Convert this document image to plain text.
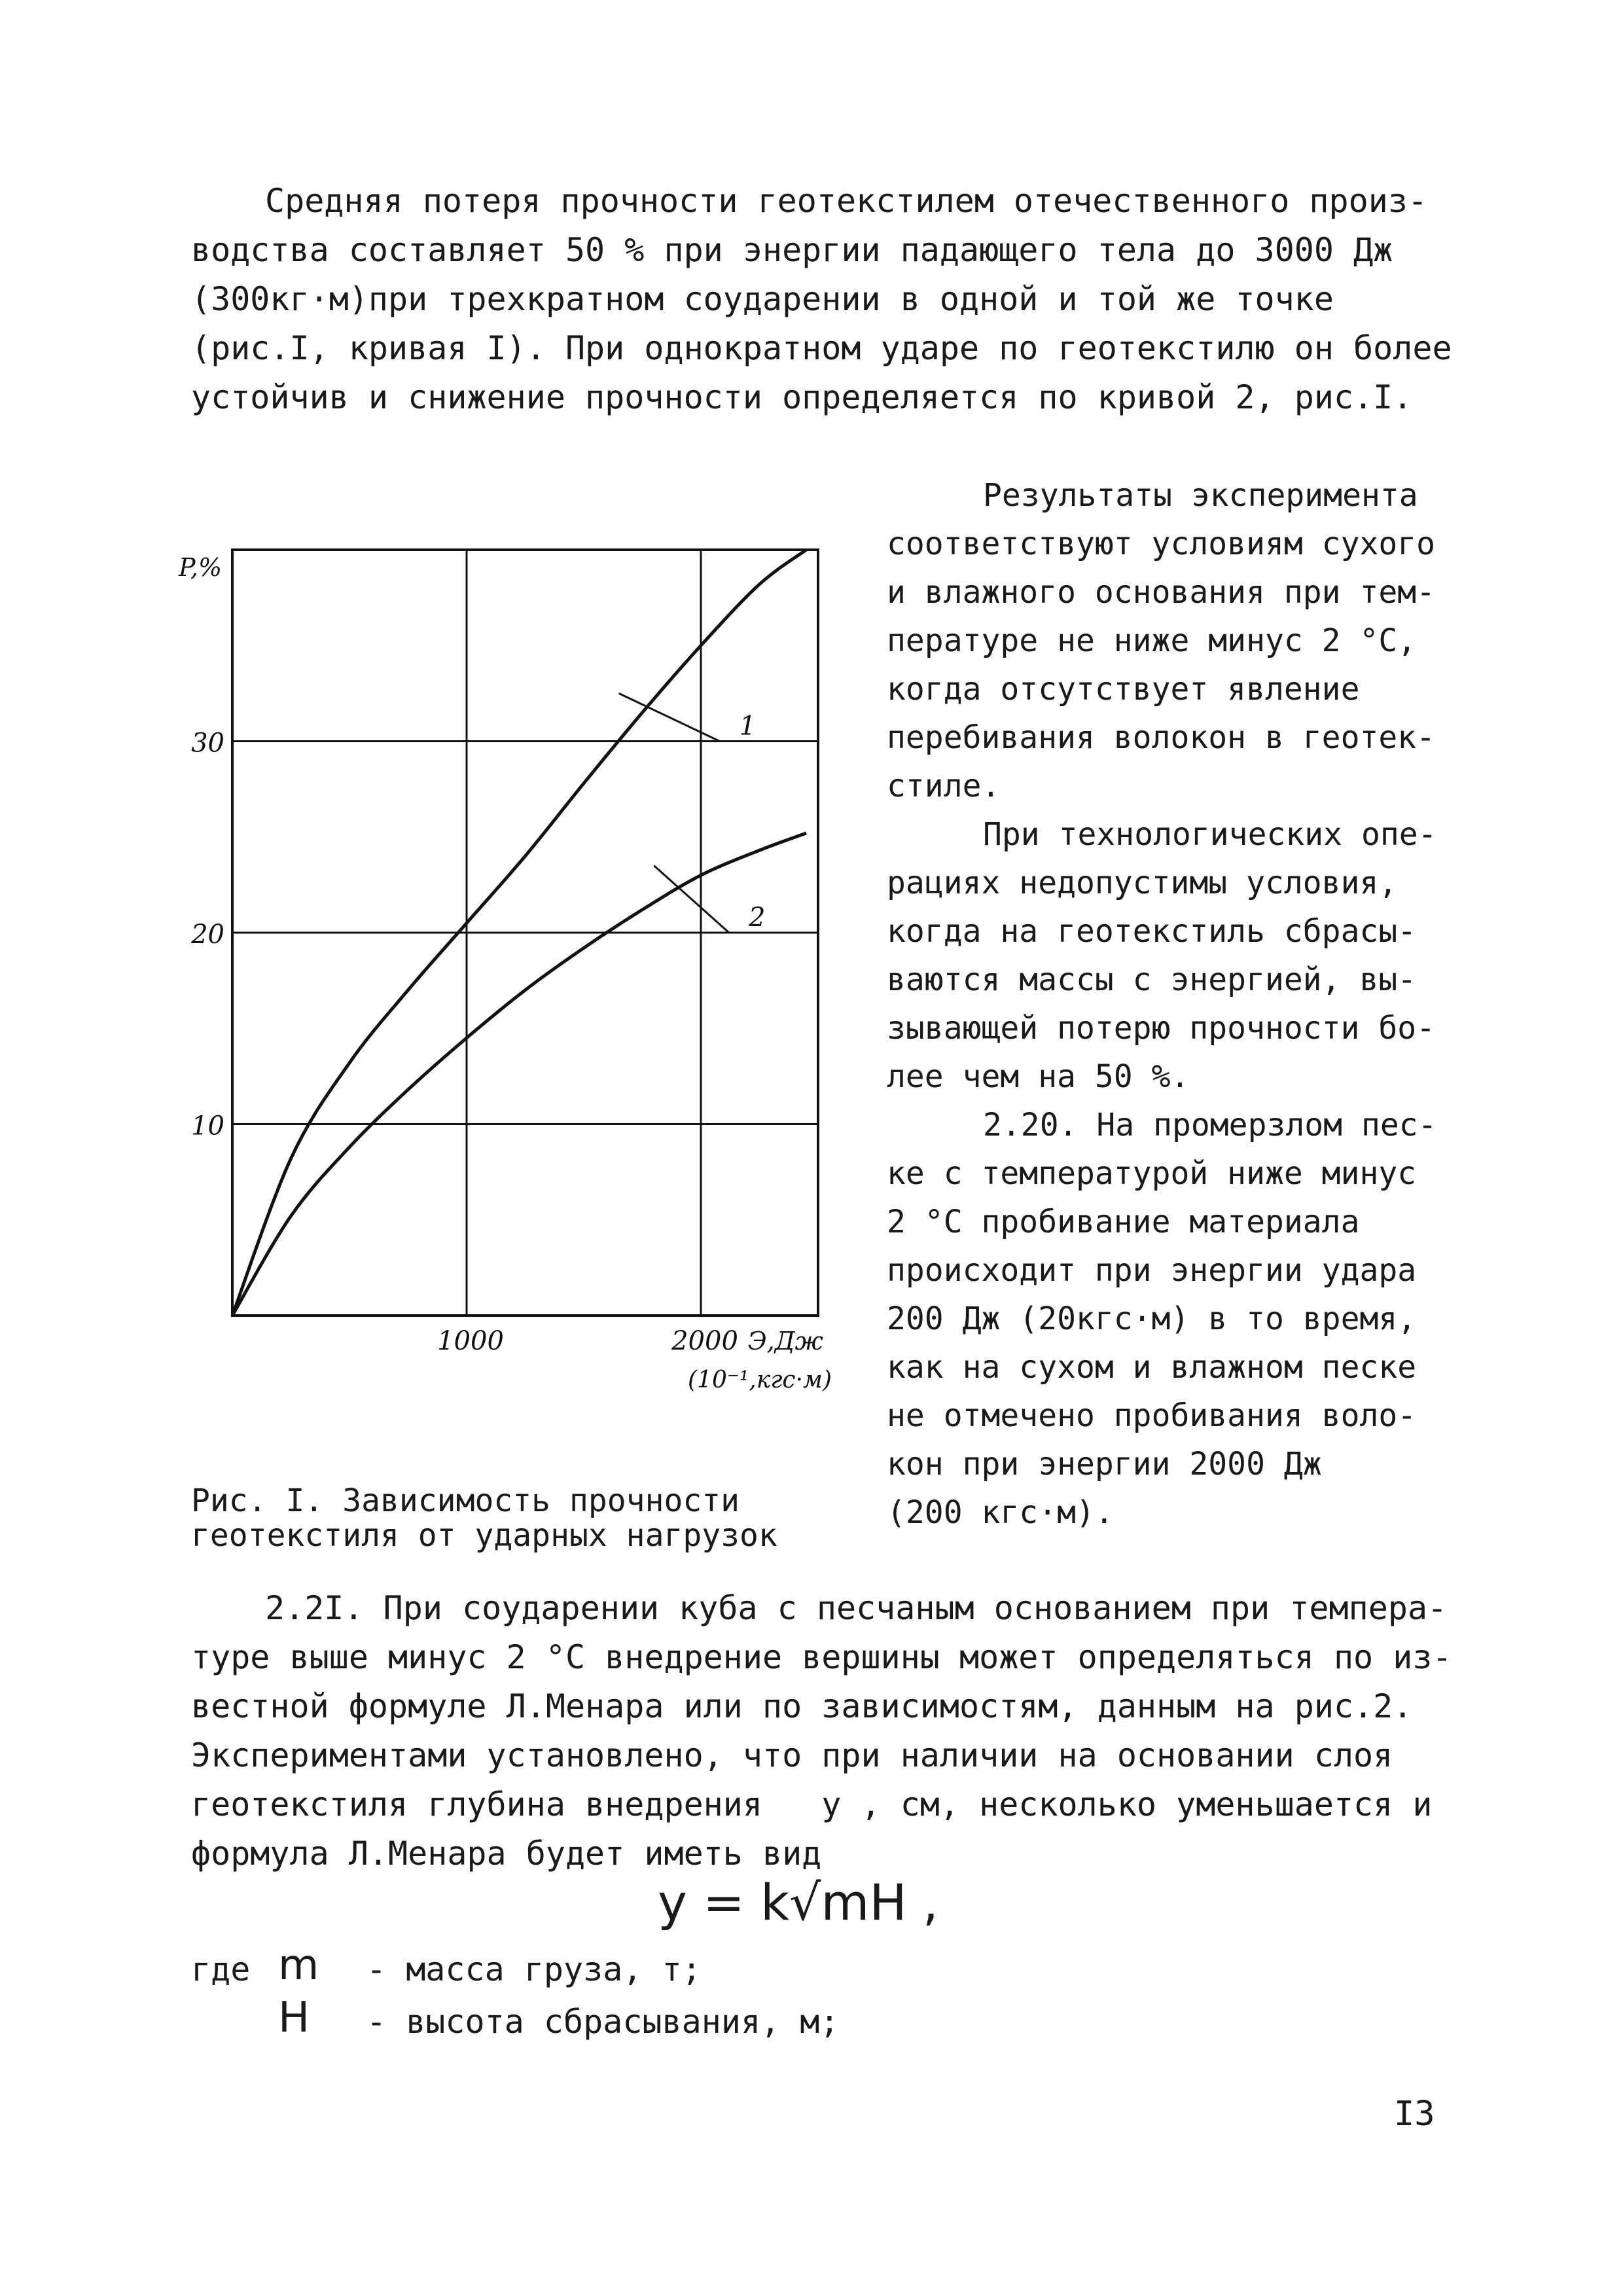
Средняя потеря прочности геотекстилем отечественного произ-
водства составляет 50 % при энергии падающего тела до 3000 Дж
(300кг·м)при трехкратном соударении в одной и той же точке
(рис.I, кривая I). При однократном ударе по геотекстилю он более
устойчив и снижение прочности определяется по кривой 2, рис.I.
10
20
30
1000	2000
P,%
Э,Дж
(10⁻¹,кгс·м)
1
2
Рис. I. Зависимость прочности
геотекстиля от ударных нагрузок
Результаты эксперимента
соответствуют условиям сухого
и влажного основания при тем-
пературе не ниже минус 2 °С,
когда отсутствует явление
перебивания волокон в геотек-
стиле.
При технологических опе-
рациях недопустимы условия,
когда на геотекстиль сбрасы-
ваются массы с энергией, вы-
зывающей потерю прочности бо-
лее чем на 50 %.
2.20. На промерзлом пес-
ке с температурой ниже минус
2 °С пробивание материала
происходит при энергии удара
200 Дж (20кгс·м) в то время,
как на сухом и влажном песке
не отмечено пробивания воло-
кон при энергии 2000 Дж
(200 кгс·м).
2.2I. При соударении куба с песчаным основанием при темпера-
туре выше минус 2 °С внедрение вершины может определяться по из-
вестной формуле Л.Менара или по зависимостям, данным на рис.2.
Экспериментами установлено, что при наличии на основании слоя
геотекстиля глубина внедрения   y , см, несколько уменьшается и
формула Л.Менара будет иметь вид
y = k√mH ,
где m - масса груза, т;
H - высота сбрасывания, м;
I3
